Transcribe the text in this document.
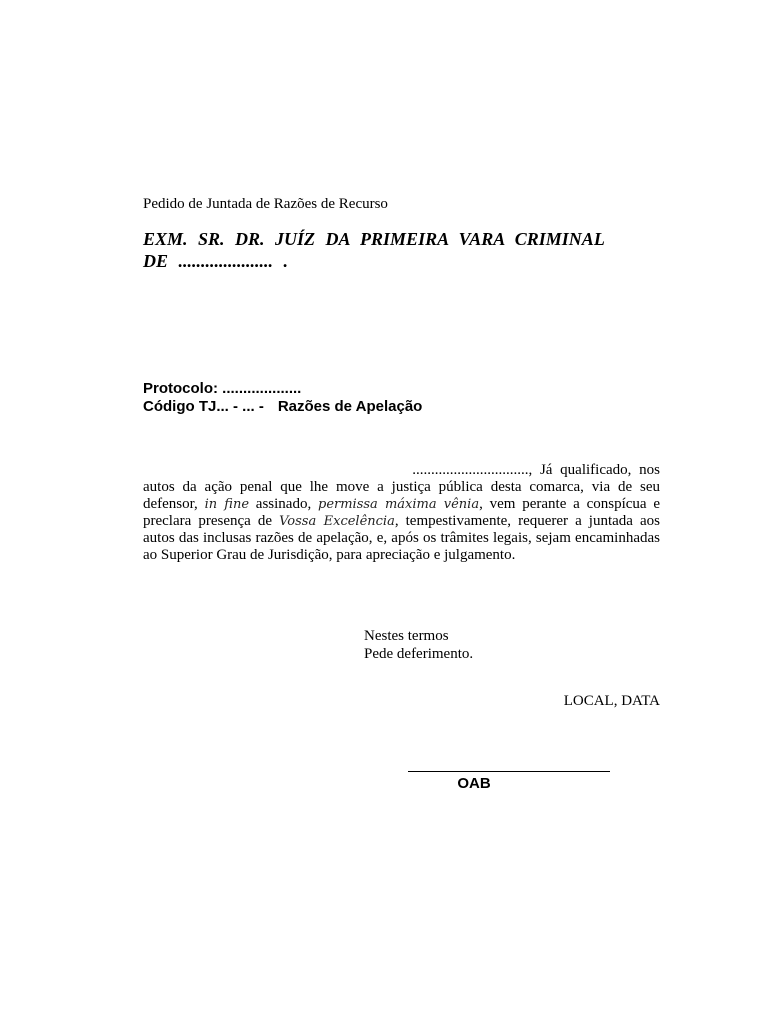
Pedido de Juntada de Razões de Recurso
EXM. SR. DR. JUÍZ DA PRIMEIRA VARA CRIMINAL
DE ..................... .
Protocolo: ...................
Código TJ... - ... - Razões de Apelação
..............................., Já qualificado, nos
autos da ação penal que lhe move a justiça pública desta comarca, via de seu defensor, in fine assinado, permissa máxima vênia, vem perante a conspícua e preclara presença de Vossa Excelência, tempestivamente, requerer a juntada aos autos das inclusas razões de apelação, e, após os trâmites legais, sejam encaminhadas ao Superior Grau de Jurisdição, para apreciação e julgamento.
Nestes termos
Pede deferimento.
LOCAL, DATA
OAB
